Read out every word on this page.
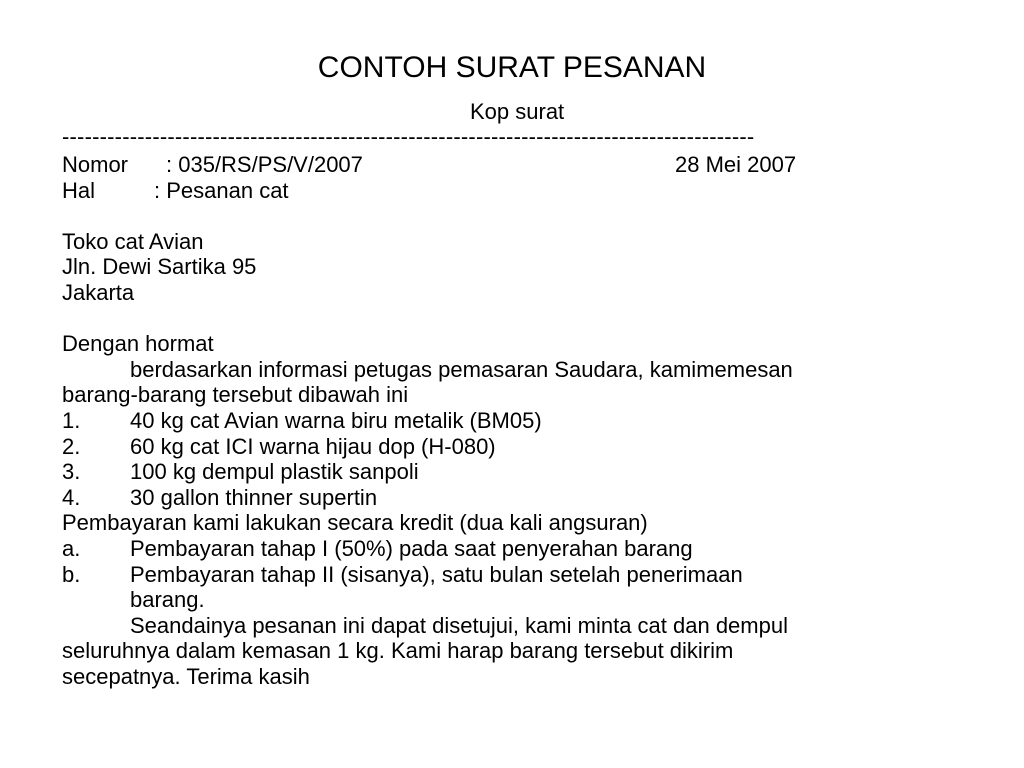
CONTOH SURAT PESANAN
Kop surat
--------------------------------------------------------------------------------------------
Nomor : 035/RS/PS/V/2007	28 Mei 2007
Hal	: Pesanan cat
Toko cat Avian
Jln. Dewi Sartika 95
Jakarta
Dengan hormat
berdasarkan informasi petugas pemasaran Saudara, kamimemesan
barang-barang tersebut dibawah ini
1. 40 kg cat Avian warna biru metalik (BM05)
2. 60 kg cat ICI warna hijau dop (H-080)
3. 100 kg dempul plastik sanpoli
4. 30 gallon thinner supertin
Pembayaran kami lakukan secara kredit (dua kali angsuran)
a. Pembayaran tahap I (50%) pada saat penyerahan barang
b. Pembayaran tahap II (sisanya), satu bulan setelah penerimaan
barang.
Seandainya pesanan ini dapat disetujui, kami minta cat dan dempul
seluruhnya dalam kemasan 1 kg. Kami harap barang tersebut dikirim
secepatnya. Terima kasih
